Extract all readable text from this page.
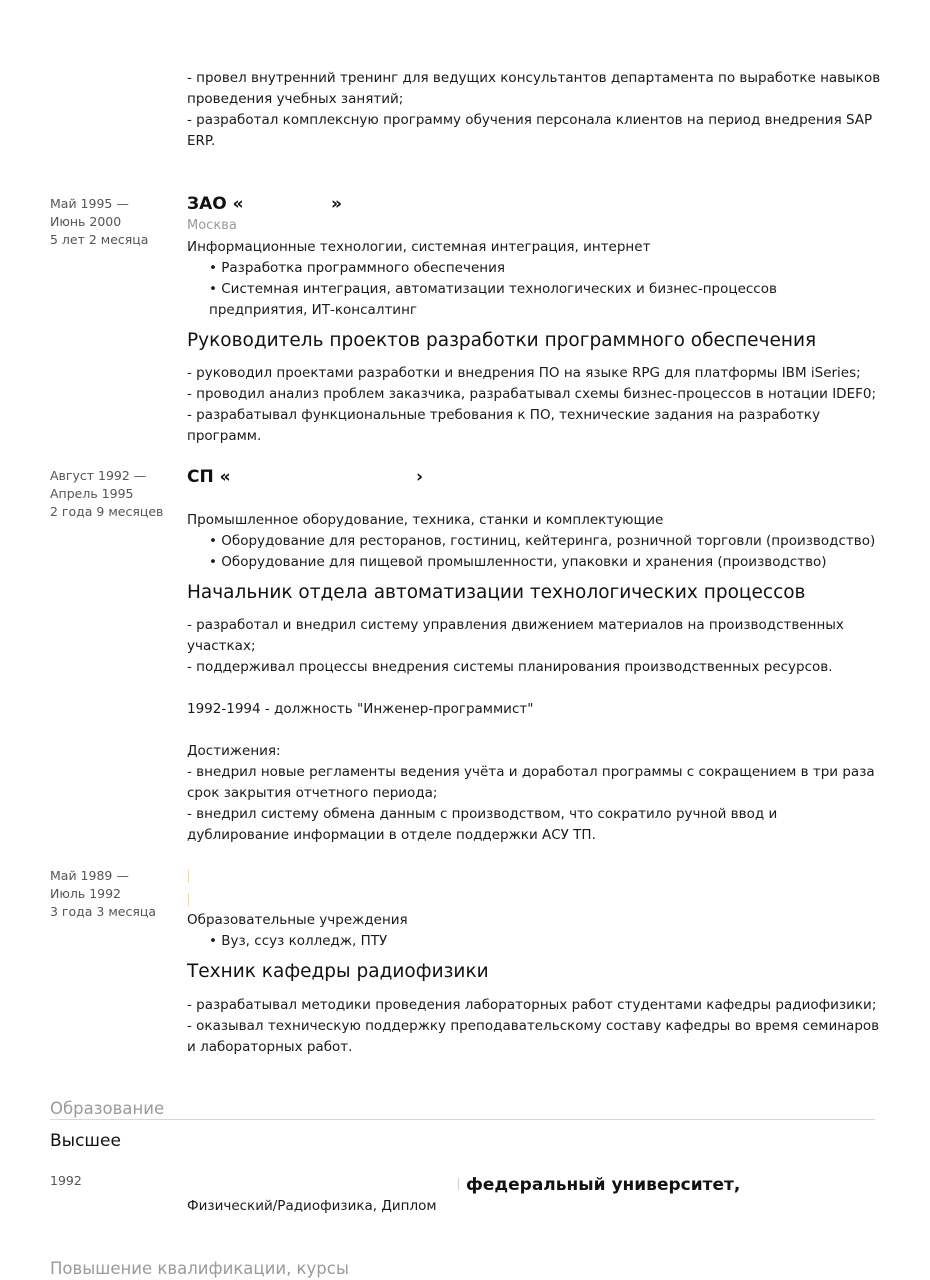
- провел внутренний тренинг для ведущих консультантов департамента по выработке навыков
проведения учебных занятий;
- разработал комплексную программу обучения персонала клиентов на период внедрения SAP
ERP.
Май 1995 —
Июнь 2000
5 лет 2 месяца
ЗАО «	»
Москва
Информационные технологии, системная интеграция, интернет
• Разработка программного обеспечения
• Системная интеграция, автоматизации технологических и бизнес-процессов
предприятия, ИТ-консалтинг
Руководитель проектов разработки программного обеспечения
- руководил проектами разработки и внедрения ПО на языке RPG для платформы IBM iSeries;
- проводил анализ проблем заказчика, разрабатывал схемы бизнес-процессов в нотации IDEF0;
- разрабатывал функциональные требования к ПО, технические задания на разработку
программ.
Август 1992 —
Апрель 1995
2 года 9 месяцев
СП «	›
Промышленное оборудование, техника, станки и комплектующие
• Оборудование для ресторанов, гостиниц, кейтеринга, розничной торговли (производство)
• Оборудование для пищевой промышленности, упаковки и хранения (производство)
Начальник отдела автоматизации технологических процессов
- разработал и внедрил систему управления движением материалов на производственных
участках;
- поддерживал процессы внедрения системы планирования производственных ресурсов.
1992-1994 - должность "Инженер-программист"
Достижения:
- внедрил новые регламенты ведения учёта и доработал программы с сокращением в три раза
срок закрытия отчетного периода;
- внедрил систему обмена данным с производством, что сократило ручной ввод и
дублирование информации в отделе поддержки АСУ ТП.
Май 1989 —
Июль 1992
3 года 3 месяца
Образовательные учреждения
• Вуз, ссуз колледж, ПТУ
Техник кафедры радиофизики
- разрабатывал методики проведения лабораторных работ студентами кафедры радиофизики;
- оказывал техническую поддержку преподавательскому составу кафедры во время семинаров
и лабораторных работ.
Образование
Высшее
1992	федеральный университет,
Физический/Радиофизика, Диплом
Повышение квалификации, курсы
